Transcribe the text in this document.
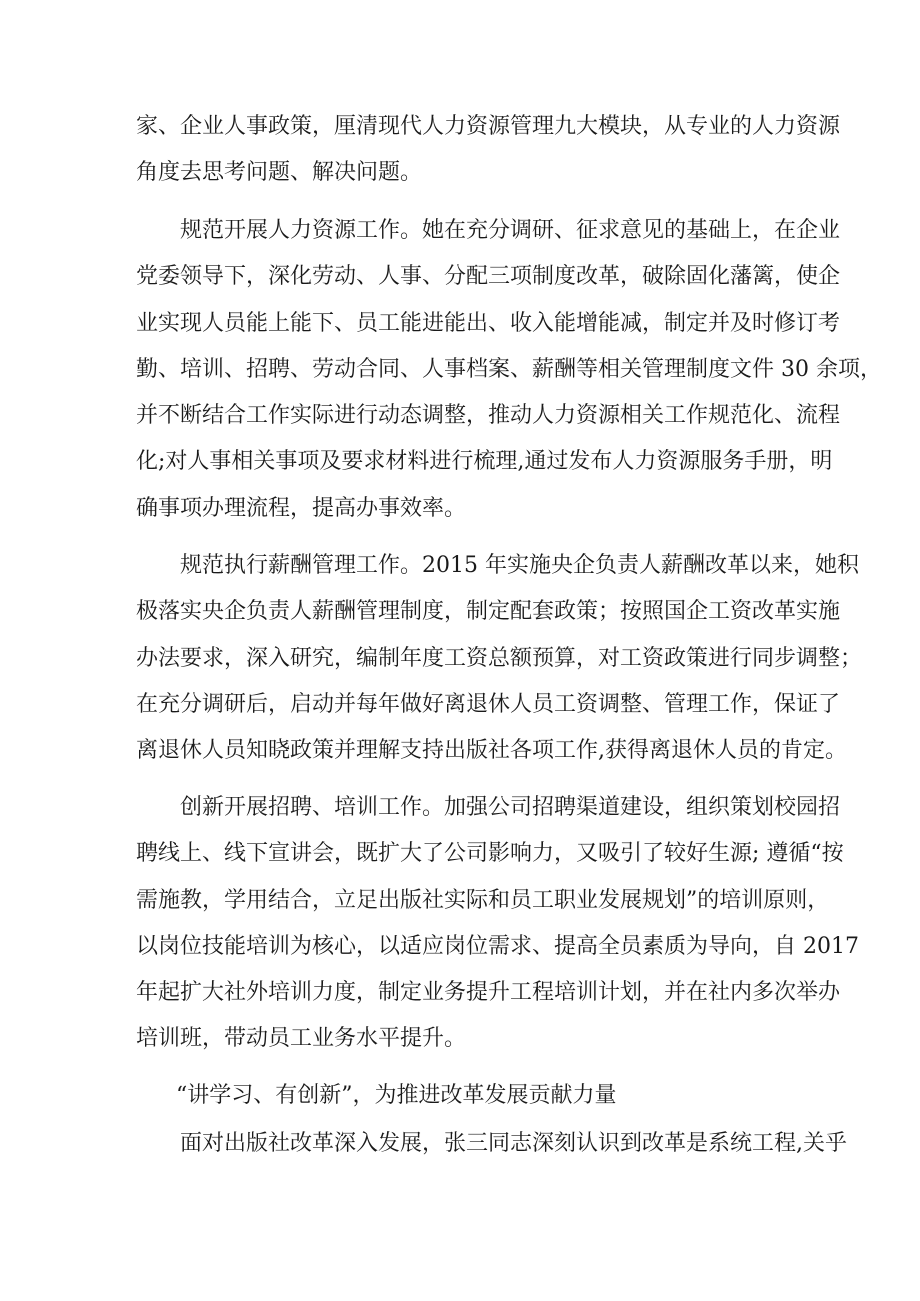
家、企业人事政策，厘清现代人力资源管理九大模块，从专业的人力资源
角度去思考问题、解决问题。
规范开展人力资源工作。她在充分调研、征求意见的基础上，在企业
党委领导下，深化劳动、人事、分配三项制度改革，破除固化藩篱，使企
业实现人员能上能下、员工能进能出、收入能增能减，制定并及时修订考
勤、培训、招聘、劳动合同、人事档案、薪酬等相关管理制度文件 30 余项，
并不断结合工作实际进行动态调整，推动人力资源相关工作规范化、流程
化;对人事相关事项及要求材料进行梳理,通过发布人力资源服务手册，明
确事项办理流程，提高办事效率。
规范执行薪酬管理工作。2015 年实施央企负责人薪酬改革以来，她积
极落实央企负责人薪酬管理制度，制定配套政策；按照国企工资改革实施
办法要求，深入研究，编制年度工资总额预算，对工资政策进行同步调整；
在充分调研后，启动并每年做好离退休人员工资调整、管理工作，保证了
离退休人员知晓政策并理解支持出版社各项工作,获得离退休人员的肯定。
创新开展招聘、培训工作。加强公司招聘渠道建设，组织策划校园招
聘线上、线下宣讲会，既扩大了公司影响力，又吸引了较好生源; 遵循“按
需施教，学用结合，立足出版社实际和员工职业发展规划”的培训原则，
以岗位技能培训为核心，以适应岗位需求、提高全员素质为导向，自 2017
年起扩大社外培训力度，制定业务提升工程培训计划，并在社内多次举办
培训班，带动员工业务水平提升。
“讲学习、有创新”，为推进改革发展贡献力量
面对出版社改革深入发展，张三同志深刻认识到改革是系统工程,关乎
